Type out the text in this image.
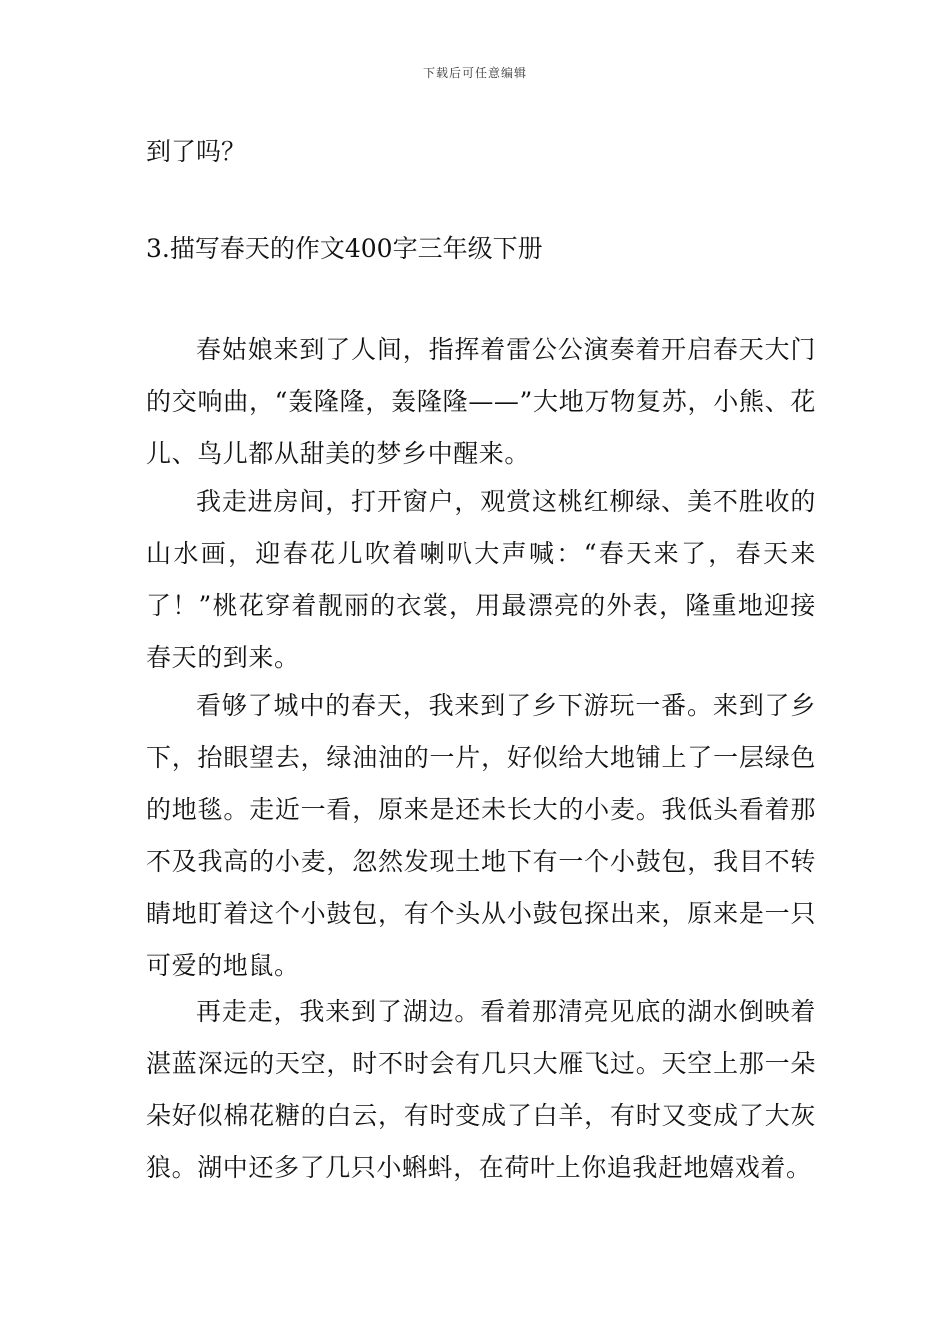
下载后可任意编辑
到了吗？
3.描写春天的作文400字三年级下册
春姑娘来到了人间，指挥着雷公公演奏着开启春天大门的交响曲，“轰隆隆，轰隆隆——”大地万物复苏，小熊、花儿、鸟儿都从甜美的梦乡中醒来。
我走进房间，打开窗户，观赏这桃红柳绿、美不胜收的山水画，迎春花儿吹着喇叭大声喊：“春天来了，春天来了！”桃花穿着靓丽的衣裳，用最漂亮的外表，隆重地迎接春天的到来。
看够了城中的春天，我来到了乡下游玩一番。来到了乡下，抬眼望去，绿油油的一片，好似给大地铺上了一层绿色的地毯。走近一看，原来是还未长大的小麦。我低头看着那不及我高的小麦，忽然发现土地下有一个小鼓包，我目不转睛地盯着这个小鼓包，有个头从小鼓包探出来，原来是一只可爱的地鼠。
再走走，我来到了湖边。看着那清亮见底的湖水倒映着湛蓝深远的天空，时不时会有几只大雁飞过。天空上那一朵朵好似棉花糖的白云，有时变成了白羊，有时又变成了大灰狼。湖中还多了几只小蝌蚪，在荷叶上你追我赶地嬉戏着。
